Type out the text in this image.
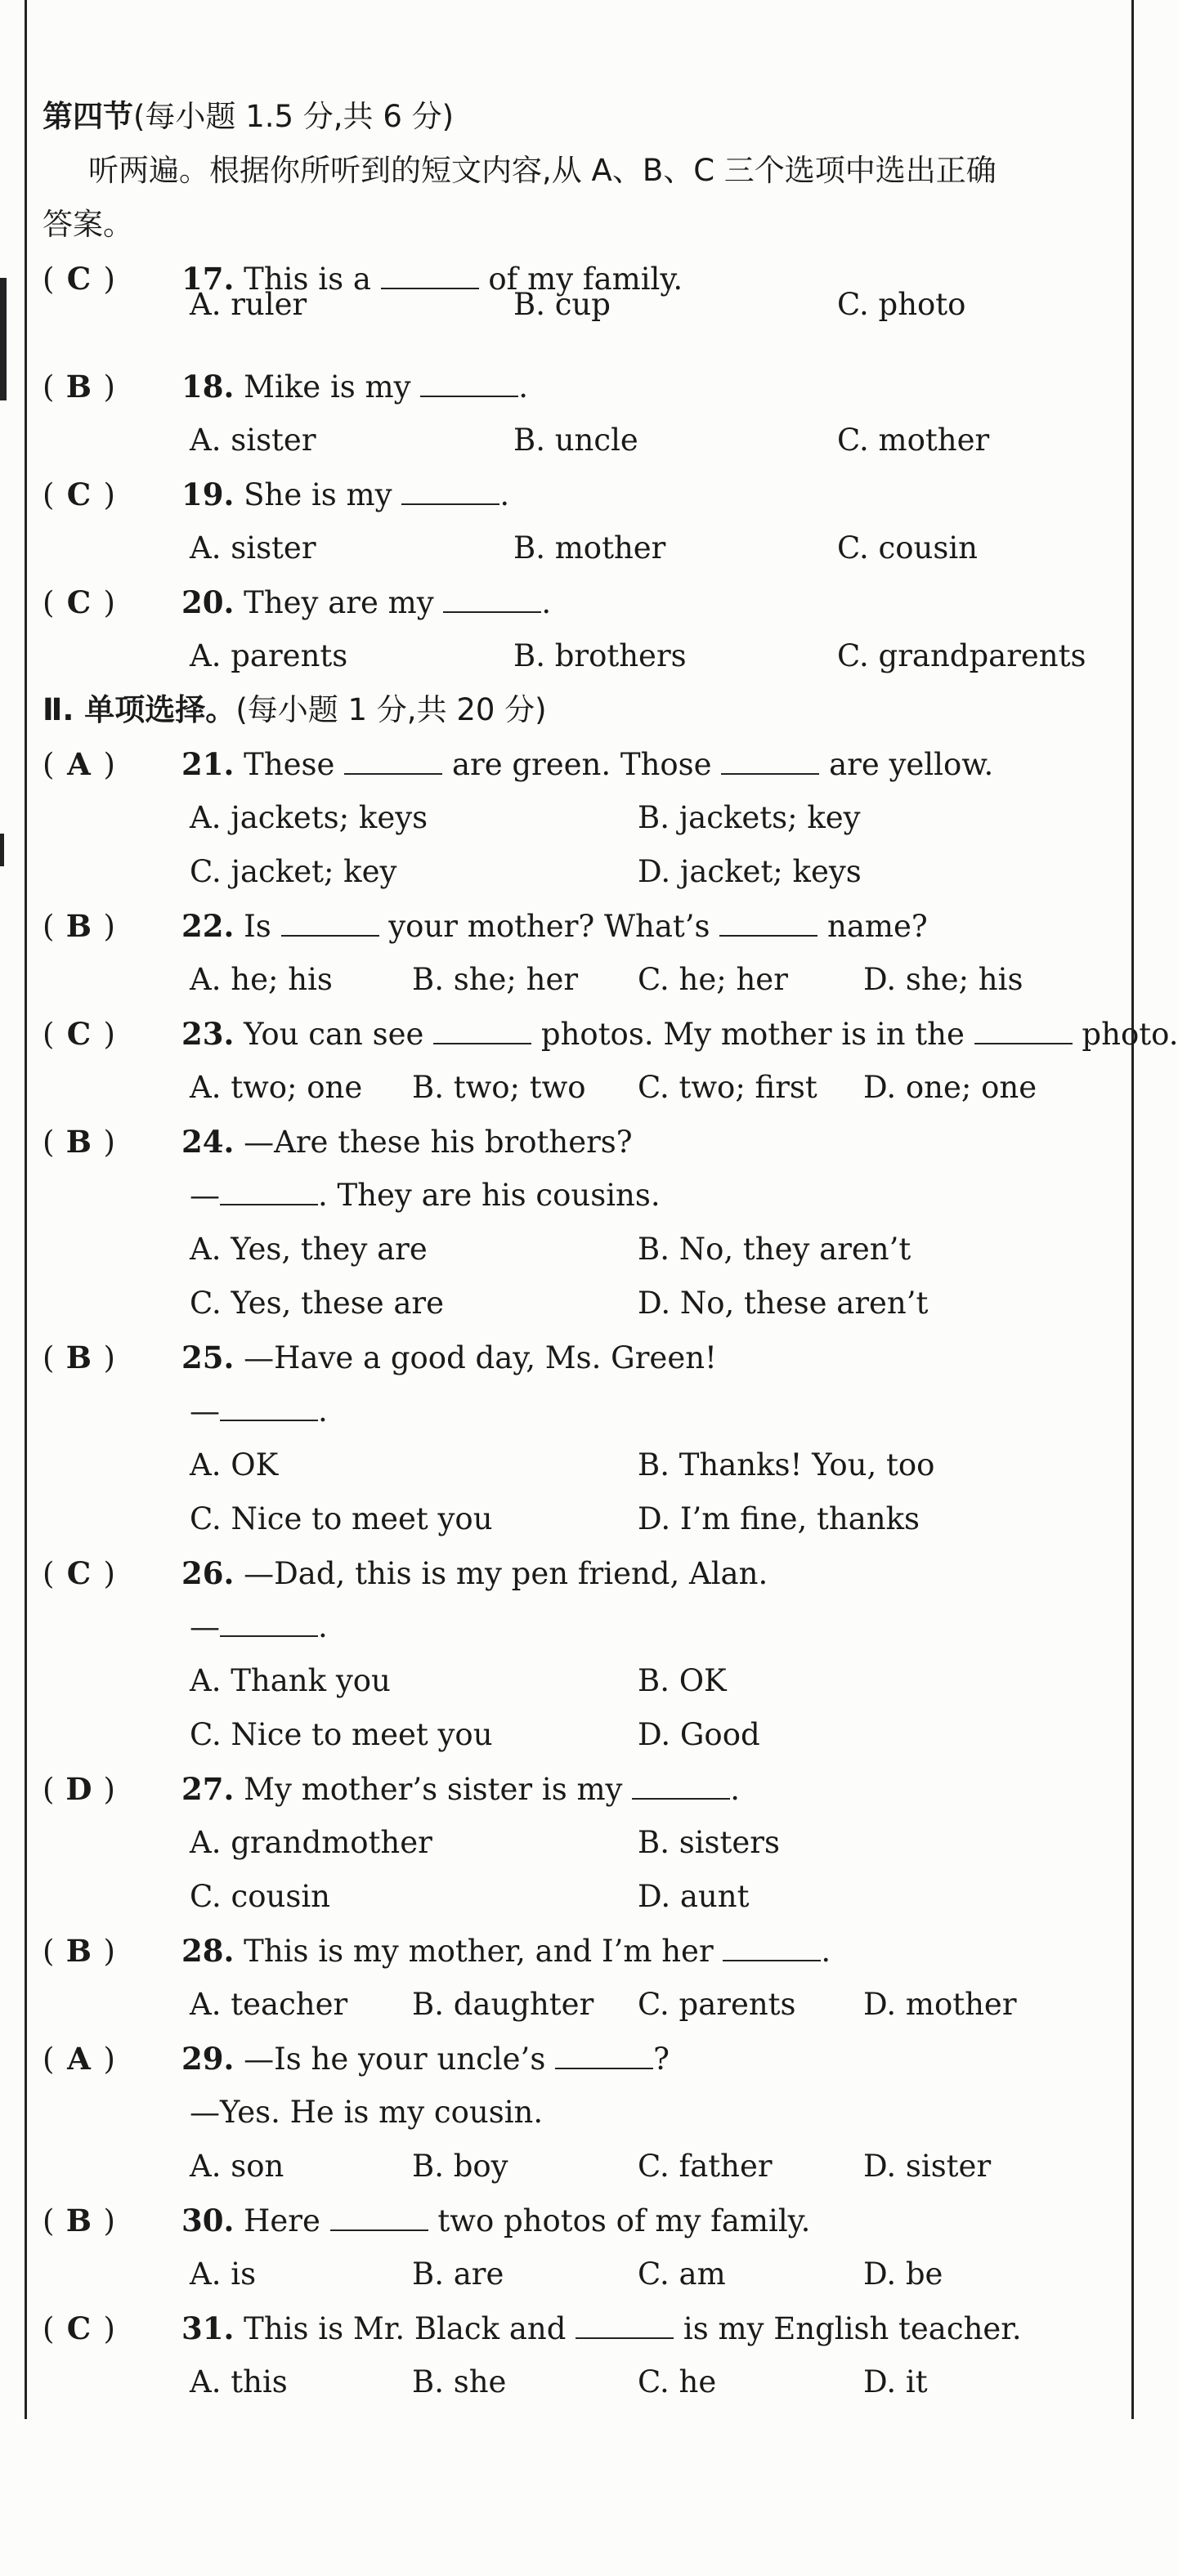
第四节(每小题 1.5 分,共 6 分)
听两遍。根据你所听到的短文内容,从 A、B、C 三个选项中选出正确
答案。
Ⅱ. 单项选择。(每小题 1 分,共 20 分)
( C ) 17. This is a	of my family.
A. ruler	B. cup	C. photo
( B ) 18. Mike is my	.
A. sister	B. uncle	C. mother
( C ) 19. She is my	.
A. sister	B. mother	C. cousin
( C ) 20. They are my	.
A. parents	B. brothers	C. grandparents
( A ) 21. These	are green. Those	are yellow.
A. jackets; keys	B. jackets; key
C. jacket; key	D. jacket; keys
( B ) 22. Is	your mother? What’s	name?
A. he; his	B. she; her C. he; her D. she; his
( C ) 23. You can see	photos. My mother is in the	photo.
A. two; one B. two; two C. two; first D. one; one
( B ) 24. —Are these his brothers?
—	. They are his cousins.
A. Yes, they are	B. No, they aren’t
C. Yes, these are	D. No, these aren’t
( B ) 25. —Have a good day, Ms. Green!
—	.
A. OK	B. Thanks! You, too
C. Nice to meet you	D. I’m fine, thanks
( C ) 26. —Dad, this is my pen friend, Alan.
—	.
A. Thank you	B. OK
C. Nice to meet you	D. Good
( D ) 27. My mother’s sister is my	.
A. grandmother	B. sisters
C. cousin	D. aunt
( B ) 28. This is my mother, and I’m her	.
A. teacher B. daughter C. parents D. mother
( A ) 29. —Is he your uncle’s	?
—Yes. He is my cousin.
A. son	B. boy	C. father	D. sister
( B ) 30. Here	two photos of my family.
A. is	B. are	C. am	D. be
( C ) 31. This is Mr. Black and	is my English teacher.
A. this	B. she	C. he	D. it
